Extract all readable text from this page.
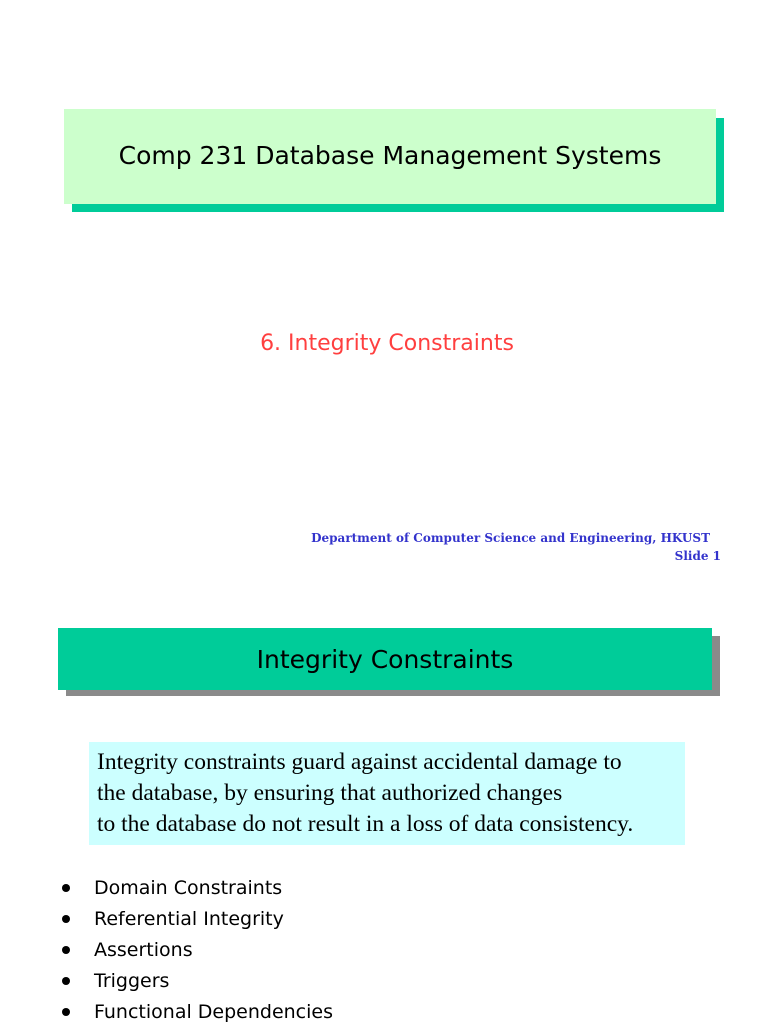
Comp 231 Database Management Systems
6. Integrity Constraints
Department of Computer Science and Engineering, HKUST
Slide 1
Integrity Constraints
Integrity constraints guard against accidental damage to
the database, by ensuring that authorized changes
to the database do not result in a loss of data consistency.
Domain Constraints
Referential Integrity
Assertions
Triggers
Functional Dependencies
